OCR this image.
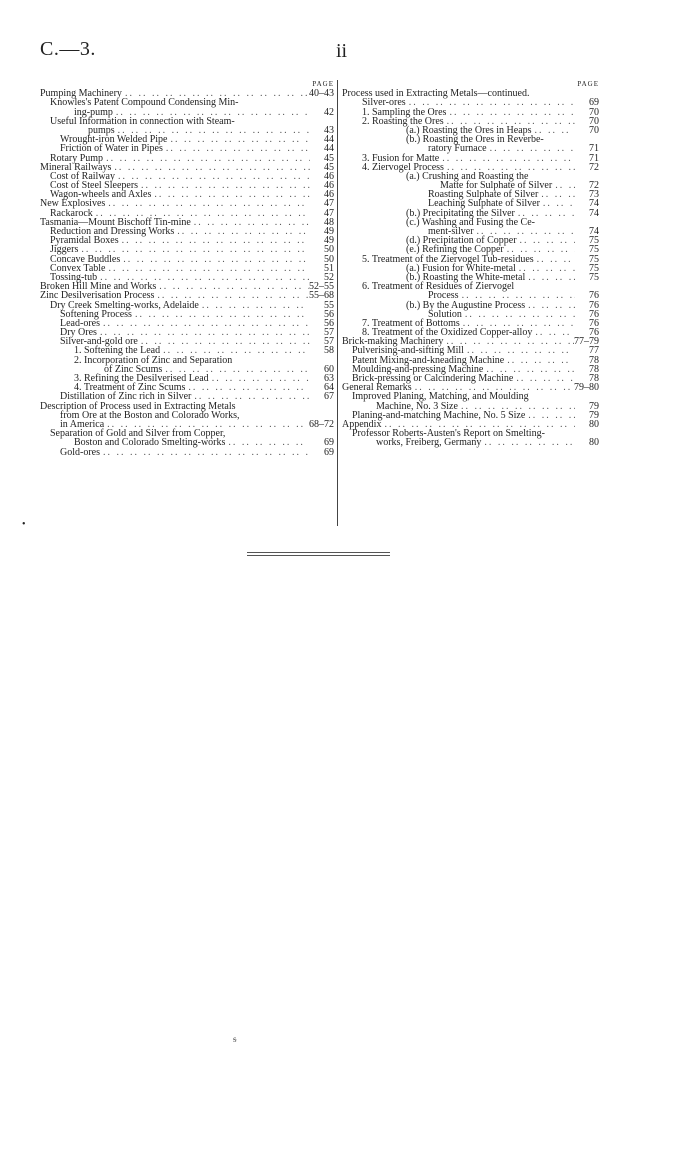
C.—3.	ii
PAGE
Pumping Machinery .. ..	40–43
Knowles's Patent Compound Condensing Min-
ing-pump .. ..	42
Useful Information in connection with Steam-
pumps .. ..	43
Wrought-iron Welded Pipe .. ..	44
Friction of Water in Pipes .. ..	44
Rotary Pump .. ..	45
Mineral Railways .. ..	45
Cost of Railway .. ..	46
Cost of Steel Sleepers .. ..	46
Wagon-wheels and Axles .. ..	46
New Explosives .. ..	47
Rackarock .. ..	47
Tasmania—Mount Bischoff Tin-mine .. ..	48
Reduction and Dressing Works .. ..	49
Pyramidal Boxes .. ..	49
Jiggers .. ..	50
Concave Buddles .. ..	50
Convex Table .. ..	51
Tossing-tub .. ..	52
Broken Hill Mine and Works .. ..	52–55
Zinc Desilverisation Process .. ..	55–68
Dry Creek Smelting-works, Adelaide .. ..	55
Softening Process .. ..	56
Lead-ores .. ..	56
Dry Ores .. ..	57
Silver-and-gold ore .. ..	57
1. Softening the Lead .. ..	58
2. Incorporation of Zinc and Separation
of Zinc Scums .. ..	60
3. Refining the Desilverised Lead .. ..	63
4. Treatment of Zinc Scums .. ..	64
Distillation of Zinc rich in Silver .. ..	67
Description of Process used in Extracting Metals
from Ore at the Boston and Colorado Works,
in America .. ..	68–72
Separation of Gold and Silver from Copper,
Boston and Colorado Smelting-works .. ..	69
Gold-ores .. ..	69
PAGE
Process used in Extracting Metals—continued.
Silver-ores .. ..	69
1. Sampling the Ores .. ..	70
2. Roasting the Ores .. ..	70
(a.) Roasting the Ores in Heaps .. ..	70
(b.) Roasting the Ores in Reverbe-
ratory Furnace .. ..	71
3. Fusion for Matte .. ..	71
4. Ziervogel Process .. ..	72
(a.) Crushing and Roasting the
Matte for Sulphate of Silver .. ..	72
Roasting Sulphate of Silver .. ..	73
Leaching Sulphate of Silver .. ..	74
(b.) Precipitating the Silver .. ..	74
(c.) Washing and Fusing the Ce-
ment-silver .. ..	74
(d.) Precipitation of Copper .. ..	75
(e.) Refining the Copper .. ..	75
5. Treatment of the Ziervogel Tub-residues .. ..	75
(a.) Fusion for White-metal .. ..	75
(b.) Roasting the White-metal .. ..	75
6. Treatment of Residues of Ziervogel
Process .. ..	76
(b.) By the Augustine Process .. ..	76
Solution .. ..	76
7. Treatment of Bottoms .. ..	76
8. Treatment of the Oxidized Copper-alloy .. ..	76
Brick-making Machinery .. ..	77–79
Pulverising-and-sifting Mill .. ..	77
Patent Mixing-and-kneading Machine .. ..	78
Moulding-and-pressing Machine .. ..	78
Brick-pressing or Calcindering Machine .. ..	78
General Remarks .. ..	79–80
Improved Planing, Matching, and Moulding
Machine, No. 3 Size .. ..	79
Planing-and-matching Machine, No. 5 Size .. ..	79
Appendix .. ..	80
Professor Roberts-Austen's Report on Smelting-
works, Freiberg, Germany .. ..	80
•
ᵴ
